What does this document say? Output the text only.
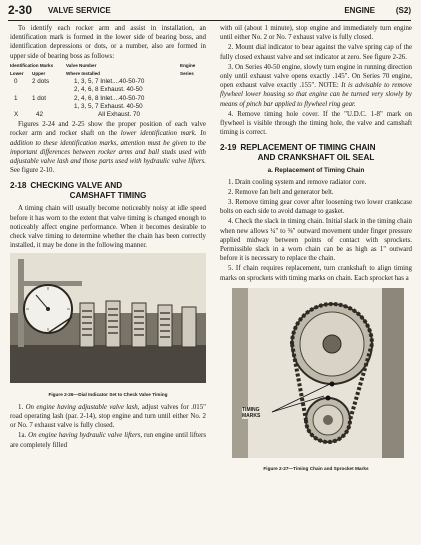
2-30 VALVE SERVICE	ENGINE	(S2)

To identify each rocker arm and assist in installation, an identification mark is formed in the lower side of bearing boss, and identification depressions or dots, or a number, also are formed in upper side of bearing boss as follows:

Identification Marks	Valve Number	Engine
Lower Upper	Where Installed	Series
0 2 dots	1, 3, 5, 7 Inlet....40-50-70
2, 4, 6, 8 Exhaust. 40-50
1 1 dot	2, 4, 6, 8 Inlet....40-50-70
1, 3, 5, 7 Exhaust. 40-50
X	42	All Exhaust. 70

Figures 2-24 and 2-25 show the proper position of each valve rocker arm and rocker shaft on the lower identification mark. In addition to these identification marks, attention must be given to the important differences between rocker arms and ball studs used with adjustable valve lash and those parts used with hydraulic valve lifters. See figure 2-10.

2-18 CHECKING VALVE AND
CAMSHAFT TIMING

A timing chain will usually become noticeably noisy at idle speed before it has worn to the extent that valve timing is changed enough to noticeably affect engine performance. When it becomes desirable to check valve timing to determine whether the chain has been correctly installed, it may be done in the following manner.

Figure 2-26—Dial Indicator Set to Check Valve Timing

1. On engine having adjustable valve lash, adjust valves for .015" road operating lash (par. 2-14), stop engine and turn until either No. 2 or No. 7 exhaust valve is fully closed.

1a. On engine having hydraulic valve lifters, run engine until lifters are completely filled

with oil (about 1 minute), stop engine and immediately turn engine until either No. 2 or No. 7 exhaust valve is fully closed.

2. Mount dial indicator to bear against the valve spring cap of the fully closed exhaust valve and set indicator at zero. See figure 2-26.

3. On Series 40-50 engine, slowly turn engine in running direction only until exhaust valve opens exactly .145". On Series 70 engine, open exhaust valve exactly .155". NOTE: It is advisable to remove flywheel lower housing so that engine can be turned very slowly by means of pinch bar applied to flywheel ring gear.

4. Remove timing hole cover. If the "U.D.C. 1-8" mark on flywheel is visible through the timing hole, the valve and camshaft timing is correct.

2-19 REPLACEMENT OF TIMING CHAIN
AND CRANKSHAFT OIL SEAL
a. Replacement of Timing Chain

1. Drain cooling system and remove radiator core.

2. Remove fan belt and generator belt.

3. Remove timing gear cover after loosening two lower crankcase bolts on each side to avoid damage to gasket.

4. Check the slack in timing chain. Initial slack in the timing chain when new allows ¼" to ⅜" outward movement under finger pressure applied midway between points of contact with sprockets. Permissible slack in a worn chain can be as high as 1" outward before it is necessary to replace the chain.

5. If chain requires replacement, turn crankshaft to align timing marks on sprockets with timing marks on chain. Each sprocket has a

TIMING
MARKS
Figure 2-27—Timing Chain and Sprocket Marks
